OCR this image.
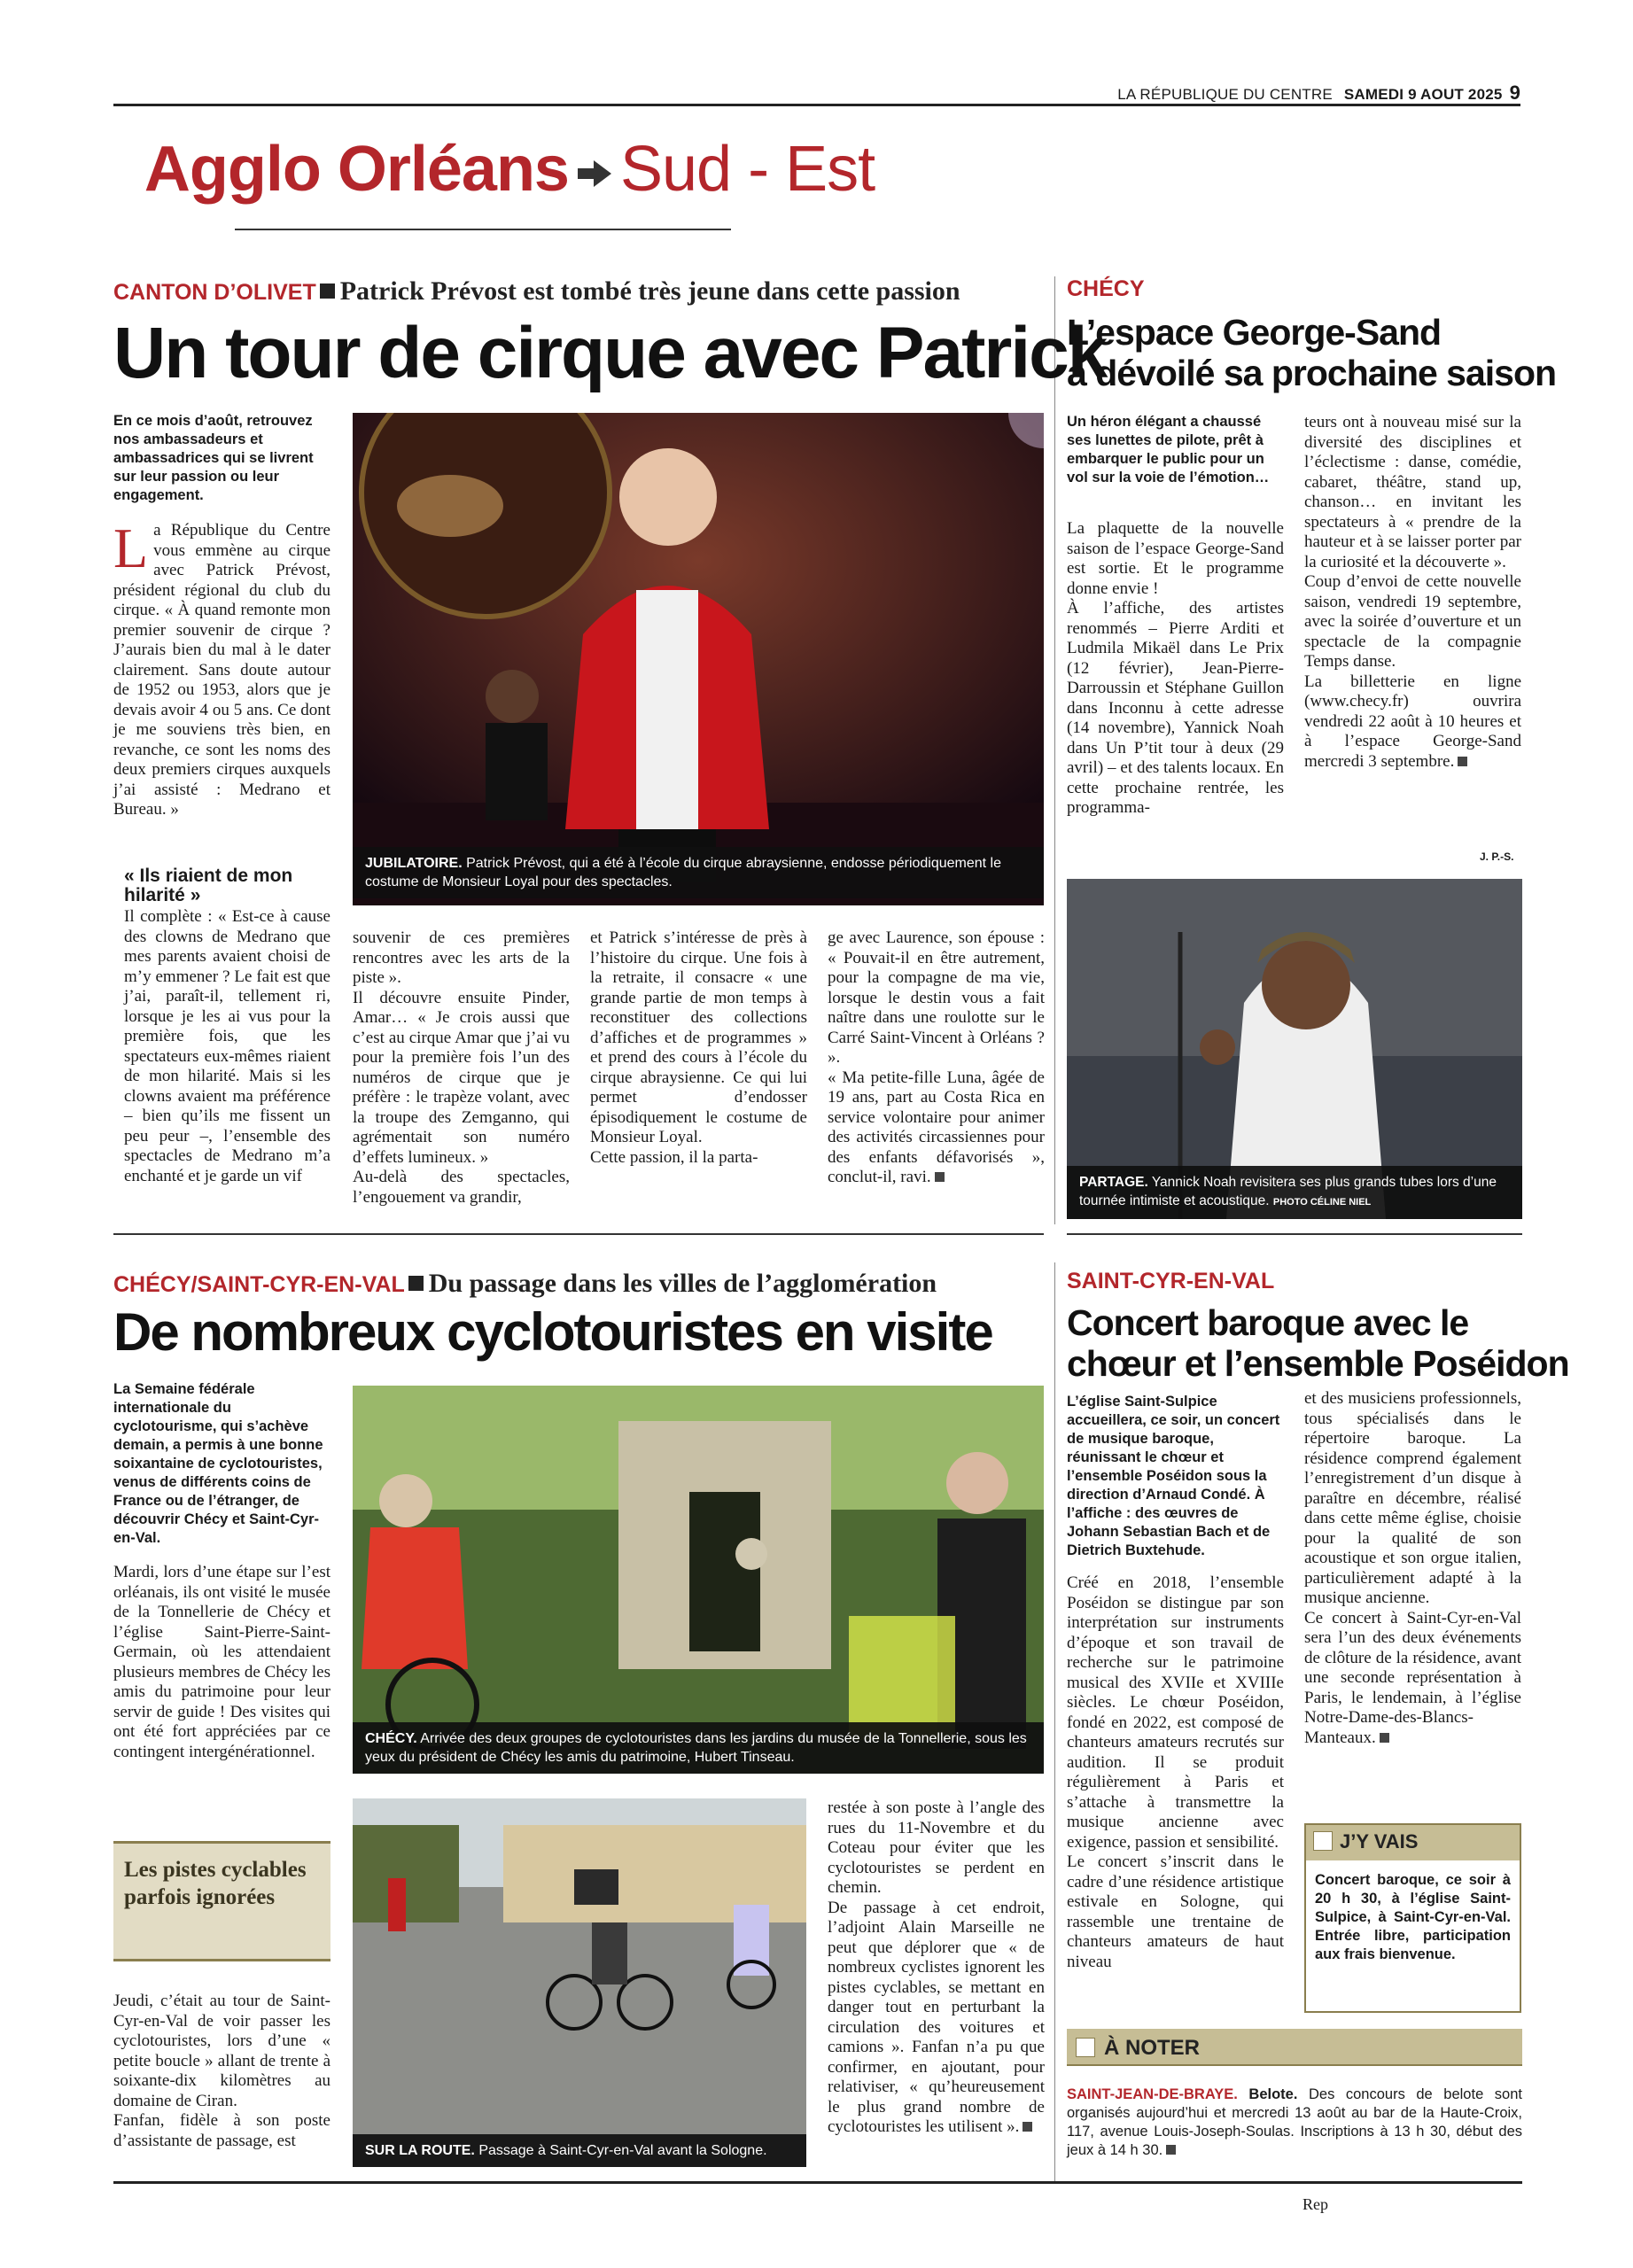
LA RÉPUBLIQUE DU CENTRE SAMEDI 9 AOUT 2025 9
Agglo Orléans Sud - Est
CANTON D’OLIVET Patrick Prévost est tombé très jeune dans cette passion
Un tour de cirque avec Patrick
En ce mois d’août, retrouvez nos ambassadeurs et ambassadrices qui se livrent sur leur passion ou leur engagement.
La République du Centre vous emmène au cirque avec Patrick Prévost, président régional du club du cirque. « À quand remonte mon premier souvenir de cirque ? J’aurais bien du mal à le dater clairement. Sans doute autour de 1952 ou 1953, alors que je devais avoir 4 ou 5 ans. Ce dont je me souviens très bien, en revanche, ce sont les noms des deux premiers cirques auxquels j’ai assisté : Medrano et Bureau. »
« Ils riaient de mon hilarité »
Il complète : « Est-ce à cause des clowns de Medrano que mes parents avaient choisi de m’y emmener ? Le fait est que j’ai, paraît-il, tellement ri, lorsque je les ai vus pour la première fois, que les spectateurs eux-mêmes riaient de mon hilarité. Mais si les clowns avaient ma préférence – bien qu’ils me fissent un peu peur –, l’ensemble des spectacles de Medrano m’a enchanté et je garde un vif
JUBILATOIRE. Patrick Prévost, qui a été à l’école du cirque abraysienne, endosse périodiquement le costume de Monsieur Loyal pour des spectacles.
souvenir de ces premières rencontres avec les arts de la piste ».
Il découvre ensuite Pinder, Amar… « Je crois aussi que c’est au cirque Amar que j’ai vu pour la première fois l’un des numéros de cirque que je préfère : le trapèze volant, avec la troupe des Zemganno, qui agrémentait son numéro d’effets lumineux. »
Au-delà des spectacles, l’engouement va grandir,
et Patrick s’intéresse de près à l’histoire du cirque. Une fois à la retraite, il consacre « une grande partie de mon temps à reconstituer des collections d’affiches et de programmes » et prend des cours à l’école du cirque abraysienne. Ce qui lui permet d’endosser épisodiquement le costume de Monsieur Loyal.
Cette passion, il la parta-
ge avec Laurence, son épouse : « Pouvait-il en être autrement, pour la compagne de ma vie, lorsque le destin vous a fait naître dans une roulotte sur le Carré Saint-Vincent à Orléans ? ».
« Ma petite-fille Luna, âgée de 19 ans, part au Costa Rica en service volontaire pour animer des activités circassiennes pour des enfants défavorisés », conclut-il, ravi.
CHÉCY
L’espace George-Sand
a dévoilé sa prochaine saison
Un héron élégant a chaussé ses lunettes de pilote, prêt à embarquer le public pour un vol sur la voie de l’émotion…
La plaquette de la nouvelle saison de l’espace George-Sand est sortie. Et le programme donne envie !
À l’affiche, des artistes renommés – Pierre Arditi et Ludmila Mikaël dans Le Prix (12 février), Jean-Pierre-Darroussin et Stéphane Guillon dans Inconnu à cette adresse (14 novembre), Yannick Noah dans Un P’tit tour à deux (29 avril) – et des talents locaux. En cette prochaine rentrée, les programma-
teurs ont à nouveau misé sur la diversité des disciplines et l’éclectisme : danse, comédie, cabaret, théâtre, stand up, chanson… en invitant les spectateurs à « prendre de la hauteur et à se laisser porter par la curiosité et la découverte ».
Coup d’envoi de cette nouvelle saison, vendredi 19 septembre, avec la soirée d’ouverture et un spectacle de la compagnie Temps danse.
La billetterie en ligne (www.checy.fr) ouvrira vendredi 22 août à 10 heures et à l’espace George-Sand mercredi 3 septembre.
J. P.-S.
PARTAGE. Yannick Noah revisitera ses plus grands tubes lors d’une tournée intimiste et acoustique. PHOTO CÉLINE NIEL
CHÉCY/SAINT-CYR-EN-VAL Du passage dans les villes de l’agglomération
De nombreux cyclotouristes en visite
La Semaine fédérale internationale du cyclotourisme, qui s’achève demain, a permis à une bonne soixantaine de cyclotouristes, venus de différents coins de France ou de l’étranger, de découvrir Chécy et Saint-Cyr-en-Val.
Mardi, lors d’une étape sur l’est orléanais, ils ont visité le musée de la Tonnellerie de Chécy et l’église Saint-Pierre-Saint-Germain, où les attendaient plusieurs membres de Chécy les amis du patrimoine pour leur servir de guide ! Des visites qui ont été fort appréciées par ce contingent intergénérationnel.
Les pistes cyclables parfois ignorées
Jeudi, c’était au tour de Saint-Cyr-en-Val de voir passer les cyclotouristes, lors d’une « petite boucle » allant de trente à soixante-dix kilomètres au domaine de Ciran.
Fanfan, fidèle à son poste d’assistante de passage, est
CHÉCY. Arrivée des deux groupes de cyclotouristes dans les jardins du musée de la Tonnellerie, sous les yeux du président de Chécy les amis du patrimoine, Hubert Tinseau.
SUR LA ROUTE. Passage à Saint-Cyr-en-Val avant la Sologne.
restée à son poste à l’angle des rues du 11-Novembre et du Coteau pour éviter que les cyclotouristes se perdent en chemin.
De passage à cet endroit, l’adjoint Alain Marseille ne peut que déplorer que « de nombreux cyclistes ignorent les pistes cyclables, se mettant en danger tout en perturbant la circulation des voitures et camions ». Fanfan n’a pu que confirmer, en ajoutant, pour relativiser, « qu’heureusement le plus grand nombre de cyclotouristes les utilisent ».
SAINT-CYR-EN-VAL
Concert baroque avec le
chœur et l’ensemble Poséidon
L’église Saint-Sulpice accueillera, ce soir, un concert de musique baroque, réunissant le chœur et l’ensemble Poséidon sous la direction d’Arnaud Condé. À l’affiche : des œuvres de Johann Sebastian Bach et de Dietrich Buxtehude.
Créé en 2018, l’ensemble Poséidon se distingue par son interprétation sur instruments d’époque et son travail de recherche sur le patrimoine musical des XVIIe et XVIIIe siècles. Le chœur Poséidon, fondé en 2022, est composé de chanteurs amateurs recrutés sur audition. Il se produit régulièrement à Paris et s’attache à transmettre la musique ancienne avec exigence, passion et sensibilité.
Le concert s’inscrit dans le cadre d’une résidence artistique estivale en Sologne, qui rassemble une trentaine de chanteurs amateurs de haut niveau
et des musiciens professionnels, tous spécialisés dans le répertoire baroque. La résidence comprend également l’enregistrement d’un disque à paraître en décembre, réalisé dans cette même église, choisie pour la qualité de son acoustique et son orgue italien, particulièrement adapté à la musique ancienne.
Ce concert à Saint-Cyr-en-Val sera l’un des deux événements de clôture de la résidence, avant une seconde représentation à Paris, le lendemain, à l’église Notre-Dame-des-Blancs-Manteaux.
J’Y VAIS
Concert baroque, ce soir à 20 h 30, à l’église Saint-Sulpice, à Saint-Cyr-en-Val. Entrée libre, participation aux frais bienvenue.
À NOTER
SAINT-JEAN-DE-BRAYE. Belote. Des concours de belote sont organisés aujourd’hui et mercredi 13 août au bar de la Haute-Croix, 117, avenue Louis-Joseph-Soulas. Inscriptions à 13 h 30, début des jeux à 14 h 30.
Rep
